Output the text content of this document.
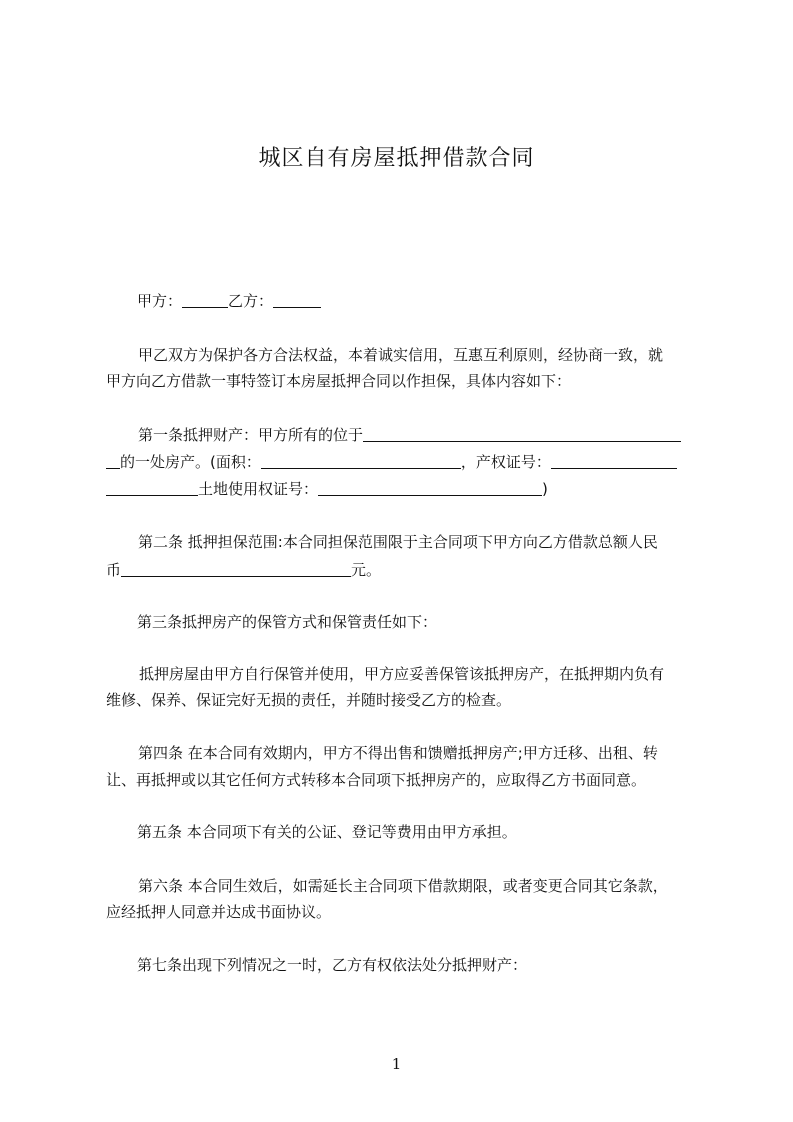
城区自有房屋抵押借款合同
甲方：	乙方：
甲乙双方为保护各方合法权益，本着诚实信用，互惠互利原则，经协商一致，就
甲方向乙方借款一事特签订本房屋抵押合同以作担保，具体内容如下：
第一条抵押财产：甲方所有的位于
的一处房产。(面积：	，产权证号：
土地使用权证号：	)
第二条 抵押担保范围:本合同担保范围限于主合同项下甲方向乙方借款总额人民
币	元。
第三条抵押房产的保管方式和保管责任如下：
抵押房屋由甲方自行保管并使用，甲方应妥善保管该抵押房产，在抵押期内负有
维修、保养、保证完好无损的责任，并随时接受乙方的检查。
第四条 在本合同有效期内，甲方不得出售和馈赠抵押房产;甲方迁移、出租、转
让、再抵押或以其它任何方式转移本合同项下抵押房产的，应取得乙方书面同意。
第五条 本合同项下有关的公证、登记等费用由甲方承担。
第六条 本合同生效后，如需延长主合同项下借款期限，或者变更合同其它条款，
应经抵押人同意并达成书面协议。
第七条出现下列情况之一时，乙方有权依法处分抵押财产：
1
